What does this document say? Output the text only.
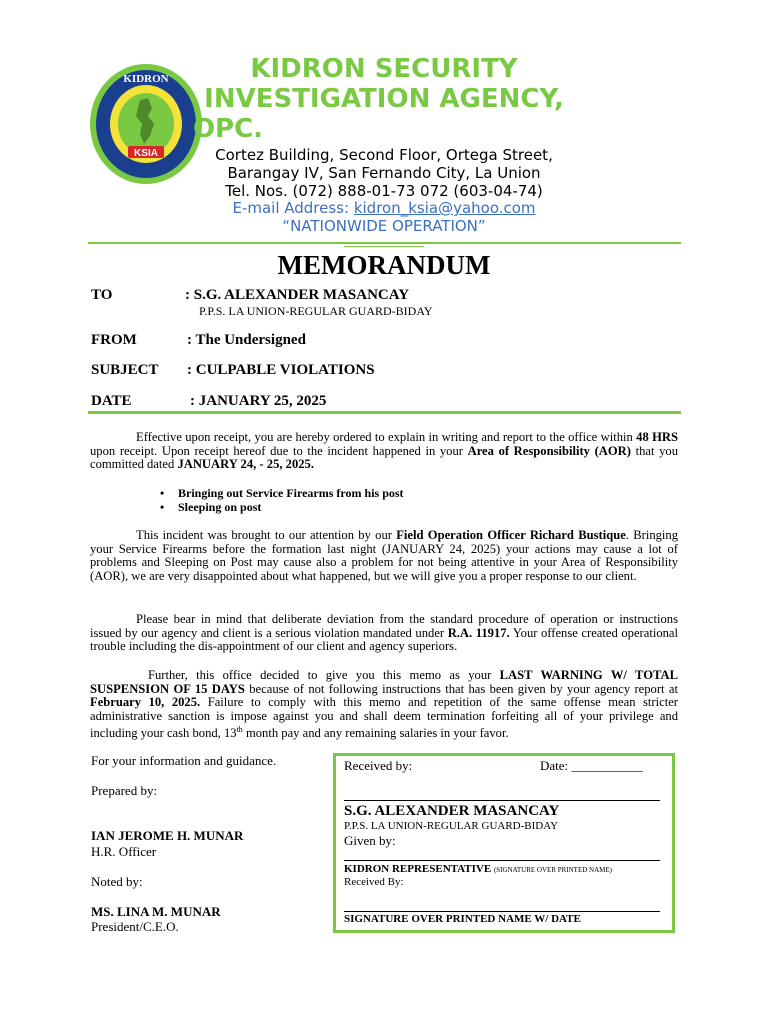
KSIA
KIDRON	KIDRON SECURITY
INVESTIGATION AGENCY,
OPC.
Cortez Building, Second Floor, Ortega Street,
Barangay IV, San Fernando City, La Union
Tel. Nos. (072) 888-01-73 072 (603-04-74)
E-mail Address: kidron_ksia@yahoo.com
“NATIONWIDE OPERATION”
MEMORANDUM
TO	: S.G. ALEXANDER MASANCAY
P.P.S. LA UNION-REGULAR GUARD-BIDAY
FROM	: The Undersigned
SUBJECT : CULPABLE VIOLATIONS
DATE	: JANUARY 25, 2025
Effective upon receipt, you are hereby ordered to explain in writing and report to the office within 48 HRS upon receipt. Upon receipt hereof due to the incident happened in your Area of Responsibility (AOR) that you committed dated JANUARY 24, - 25, 2025.
• Bringing out Service Firearms from his post
• Sleeping on post
This incident was brought to our attention by our Field Operation Officer Richard Bustique. Bringing your Service Firearms before the formation last night (JANUARY 24, 2025) your actions may cause a lot of problems and Sleeping on Post may cause also a problem for not being attentive in your Area of Responsibility (AOR), we are very disappointed about what happened, but we will give you a proper response to our client.
Please bear in mind that deliberate deviation from the standard procedure of operation or instructions issued by our agency and client is a serious violation mandated under R.A. 11917. Your offense created operational trouble including the dis-appointment of our client and agency superiors.
Further, this office decided to give you this memo as your LAST WARNING W/ TOTAL SUSPENSION OF 15 DAYS because of not following instructions that has been given by your agency report at February 10, 2025. Failure to comply with this memo and repetition of the same offense mean stricter administrative sanction is impose against you and shall deem termination forfeiting all of your privilege and including your cash bond, 13th month pay and any remaining salaries in your favor.
For your information and guidance.
Prepared by:
IAN JEROME H. MUNAR
H.R. Officer
Noted by:
MS. LINA M. MUNAR
President/C.E.O.
Received by:	Date: ___________
S.G. ALEXANDER MASANCAY
P.P.S. LA UNION-REGULAR GUARD-BIDAY
Given by:
KIDRON REPRESENTATIVE (SIGNATURE OVER PRINTED NAME)
Received By:
SIGNATURE OVER PRINTED NAME W/ DATE
